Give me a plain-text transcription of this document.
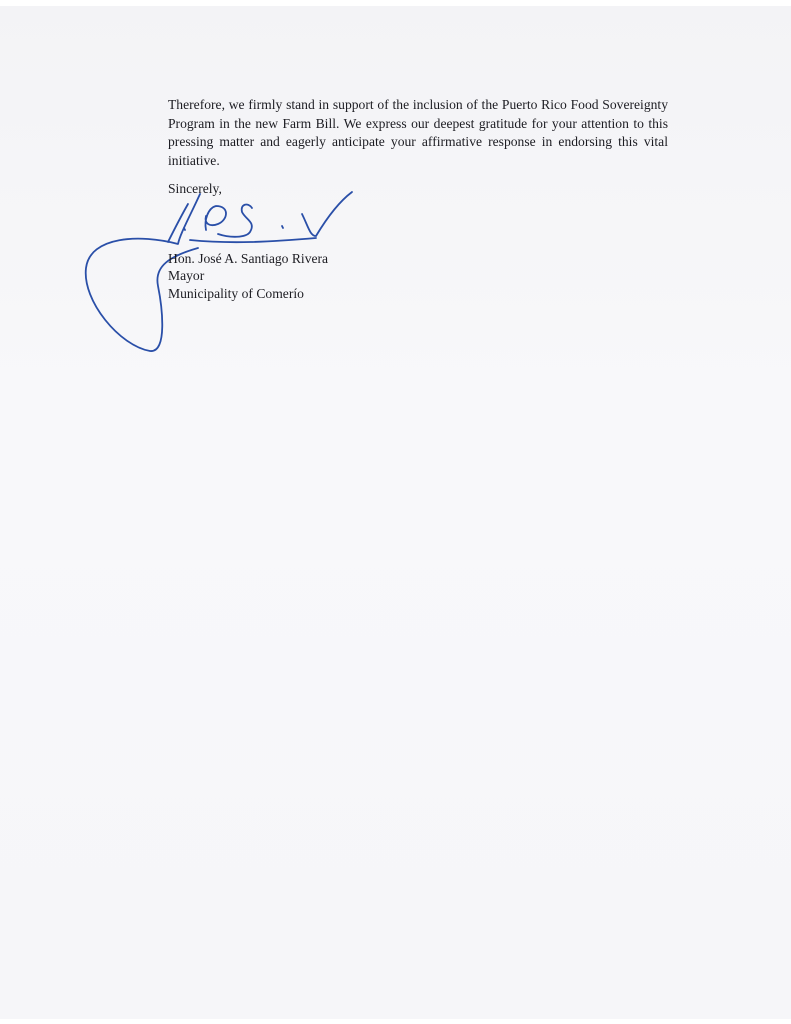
Therefore, we firmly stand in support of the inclusion of the Puerto Rico Food Sovereignty Program in the new Farm Bill. We express our deepest gratitude for your attention to this pressing matter and eagerly anticipate your affirmative response in endorsing this vital initiative.

Sincerely,

Hon. José A. Santiago Rivera
Mayor
Municipality of Comerío
